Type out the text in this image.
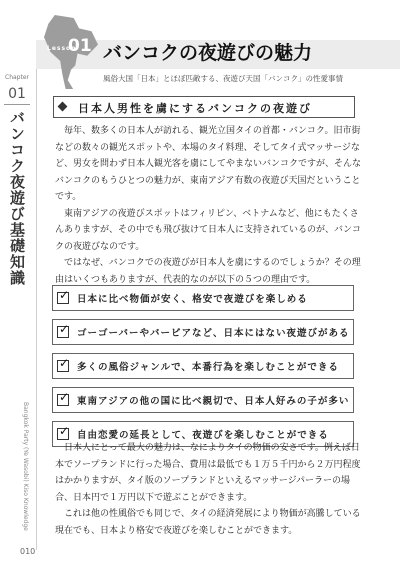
Chapter
01
バンコク夜遊び基礎知識
Bangkok Party (Ye Wasobi) Kiso Knowledge
Lesson
01 バンコクの夜遊びの魅力
風俗大国「日本」とほぼ匹敵する、夜遊び天国「バンコク」の性愛事情
日本人男性を虜にするバンコクの夜遊び

毎年、数多くの日本人が訪れる、観光立国タイの首都・バンコク。旧市街などの数々の観光スポットや、本場のタイ料理、そしてタイ式マッサージなど、男女を問わず日本人観光客を虜にしてやまないバンコクですが、そんなバンコクのもうひとつの魅力が、東南アジア有数の夜遊び天国だということです。

東南アジアの夜遊びスポットはフィリピン、ベトナムなど、他にもたくさんありますが、その中でも飛び抜けて日本人に支持されているのが、バンコクの夜遊びなのです。

ではなぜ、バンコクでの夜遊びが日本人を虜にするのでしょうか？その理由はいくつもありますが、代表的なのが以下の５つの理由です。

✓ 日本に比べ物価が安く、格安で夜遊びを楽しめる
✓ ゴーゴーバーやバービアなど、日本にはない夜遊びがある
✓ 多くの風俗ジャンルで、本番行為を楽しむことができる
✓ 東南アジアの他の国に比べ親切で、日本人好みの子が多い
✓ 自由恋愛の延長として、夜遊びを楽しむことができる

日本人にとって最大の魅力は、なによりタイの物価の安さです。例えば日本でソープランドに行った場合、費用は最低でも１万５千円から２万円程度はかかりますが、タイ版のソープランドといえるマッサージパーラーの場合、日本円で１万円以下で遊ぶことができます。

これは他の性風俗でも同じで、タイの経済発展により物価が高騰している現在でも、日本より格安で夜遊びを楽しむことができます。

010
